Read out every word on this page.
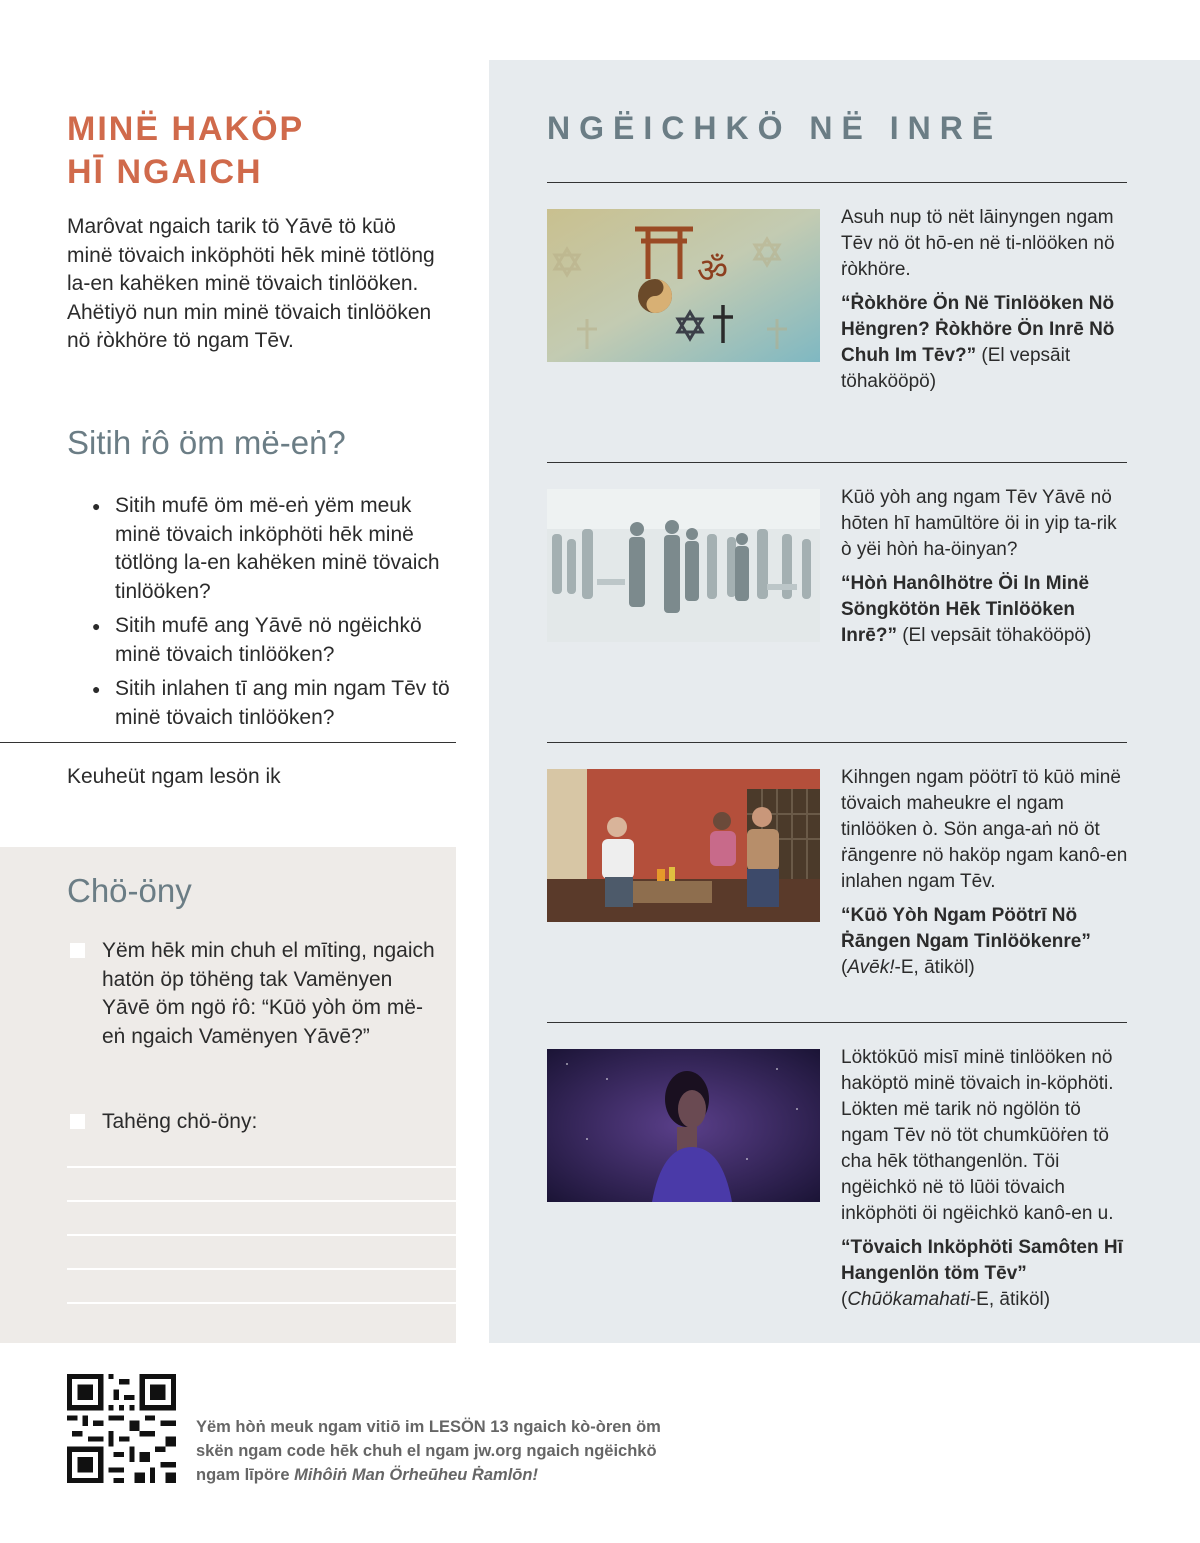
MINË HAKÖP
HĪ NGAICH
Marôvat ngaich tarik tö Yāvē tö kūö minë tövaich inköphöti hēk minë tötlöng la-en kahëken minë tövaich tinlööken. Ahëtiyö nun min minë tövaich tinlööken nö ṙòkhöre tö ngam Tēv.
Sitih ṙô öm më-eṅ?
● Sitih mufē öm më-eṅ yëm meuk minë tövaich inköphöti hēk minë tötlöng la-en kahëken minë tövaich tinlööken?
● Sitih mufē ang Yāvē nö ngëichkö minë tövaich tinlööken?
● Sitih inlahen tī ang min ngam Tēv tö minë tövaich tinlööken?
Keuheüt ngam lesön ik
Chö-öny
Yëm hēk min chuh el mīting, ngaich hatön öp töhëng tak Vamënyen Yāvē öm ngö ṙô: “Kūö yòh öm më-eṅ ngaich Vamënyen Yāvē?”
Tahëng chö-öny:
NGËICHKÖ NË INRĒ
ॐ
Asuh nup tö nët lāinyngen ngam Tēv nö öt hō-en në ti-nlööken nö ṙòkhöre.
“Ṙòkhöre Ön Në Tinlööken Nö Hëngren? Ṙòkhöre Ön Inrē Nö Chuh Im Tēv?” (El vepsāit töhakööpö)
Kūö yòh ang ngam Tēv Yāvē nö hōten hī hamūltöre öi in yip ta-rik ò yëi hòṅ ha-öinyan?
“Hòṅ Hanôlhötre Öi In Minë Söngkötön Hēk Tinlööken Inrē?” (El vepsāit töhakööpö)
Kihngen ngam pöötrī tö kūö minë tövaich maheukre el ngam tinlööken ò. Sön anga-aṅ nö öt ṙāngenre nö haköp ngam kanô-en inlahen ngam Tēv.
“Kūö Yòh Ngam Pöötrī Nö Ṙāngen Ngam Tinlöökenre”
(Avēk!-E, ātiköl)
Löktökūö misī minë tinlööken nö haköptö minë tövaich in-köphöti. Lökten më tarik nö ngölön tö ngam Tēv nö töt chumkūöṙen tö cha hēk töthangenlön. Töi ngëichkö në tö lūöi tövaich inköphöti öi ngëichkö kanô-en u.
“Tövaich Inköphöti Samôten Hī Hangenlön töm Tēv”
(Chūökamahati-E, ātiköl)
Yëm hòṅ meuk ngam vitiō im LESÖN 13 ngaich kò-òren öm
skën ngam code hēk chuh el ngam jw.org ngaich ngëichkö
ngam līpöre Mihôiṅ Man Örheūheu Ṙamlōn!
